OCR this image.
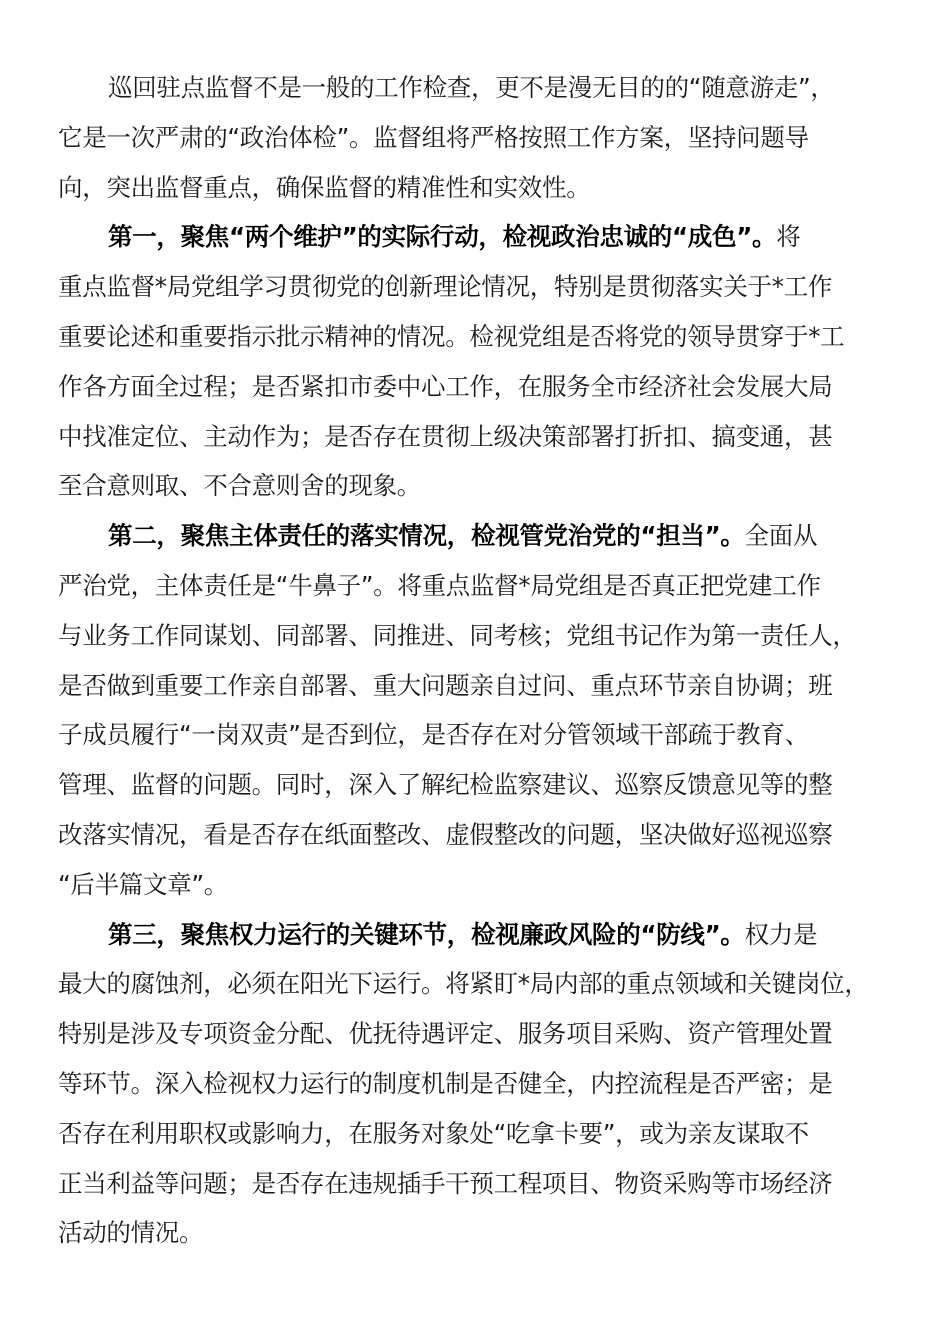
巡回驻点监督不是一般的工作检查，更不是漫无目的的“随意游走”，
它是一次严肃的“政治体检”。监督组将严格按照工作方案，坚持问题导
向，突出监督重点，确保监督的精准性和实效性。
第一，聚焦“两个维护”的实际行动，检视政治忠诚的“成色”。将
重点监督*局党组学习贯彻党的创新理论情况，特别是贯彻落实关于*工作
重要论述和重要指示批示精神的情况。检视党组是否将党的领导贯穿于*工
作各方面全过程；是否紧扣市委中心工作，在服务全市经济社会发展大局
中找准定位、主动作为；是否存在贯彻上级决策部署打折扣、搞变通，甚
至合意则取、不合意则舍的现象。
第二，聚焦主体责任的落实情况，检视管党治党的“担当”。全面从
严治党，主体责任是“牛鼻子”。将重点监督*局党组是否真正把党建工作
与业务工作同谋划、同部署、同推进、同考核；党组书记作为第一责任人，
是否做到重要工作亲自部署、重大问题亲自过问、重点环节亲自协调；班
子成员履行“一岗双责”是否到位，是否存在对分管领域干部疏于教育、
管理、监督的问题。同时，深入了解纪检监察建议、巡察反馈意见等的整
改落实情况，看是否存在纸面整改、虚假整改的问题，坚决做好巡视巡察
“后半篇文章”。
第三，聚焦权力运行的关键环节，检视廉政风险的“防线”。权力是
最大的腐蚀剂，必须在阳光下运行。将紧盯*局内部的重点领域和关键岗位，
特别是涉及专项资金分配、优抚待遇评定、服务项目采购、资产管理处置
等环节。深入检视权力运行的制度机制是否健全，内控流程是否严密；是
否存在利用职权或影响力，在服务对象处“吃拿卡要”，或为亲友谋取不
正当利益等问题；是否存在违规插手干预工程项目、物资采购等市场经济
活动的情况。
